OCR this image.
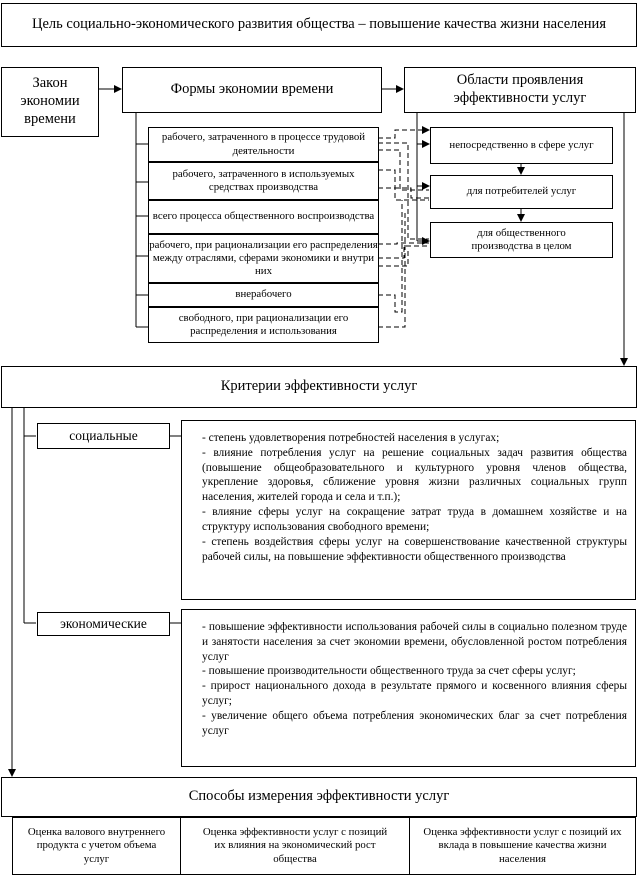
Цель социально-экономического развития общества – повышение качества жизни населения
Закон экономии времени
Формы экономии времени
Области проявления эффективности услуг
рабочего, затраченного в процессе трудовой деятельности
рабочего, затраченного в используемых средствах производства
всего процесса общественного воспроизводства
рабочего, при рационализации его распределения между отраслями, сферами экономики и внутри них
внерабочего
свободного, при рационализации его распределения и использования
непосредственно в сфере услуг
для потребителей услуг
для общественного производства в целом
Критерии эффективности услуг
социальные	- степень удовлетворения потребностей населения в услугах;

- влияние потребления услуг на решение социальных задач развития общества (повышение общеобразовательного и культурного уровня членов общества, укрепление здоровья, сближение уровня жизни различных социальных групп населения, жителей города и села и т.п.);

- влияние сферы услуг на сокращение затрат труда в домашнем хозяйстве и на структуру использования свободного времени;

- степень воздействия сферы услуг на совершенствование качественной структуры рабочей силы, на повышение эффективности общественного производства

экономические	- повышение эффективности использования рабочей силы в социально полезном труде и занятости населения за счет экономии времени, обусловленной ростом потребления услуг

- повышение производительности общественного труда за счет сферы услуг;

- прирост национального дохода в результате прямого и косвенного влияния сферы услуг;

- увеличение общего объема потребления экономических благ за счет потребления услуг

Способы измерения эффективности услуг
Оценка валового внутреннего продукта с учетом объема услуг
Оценка эффективности услуг с позиций их влияния на экономический рост общества
Оценка эффективности услуг с позиций их вклада в повышение качества жизни населения
